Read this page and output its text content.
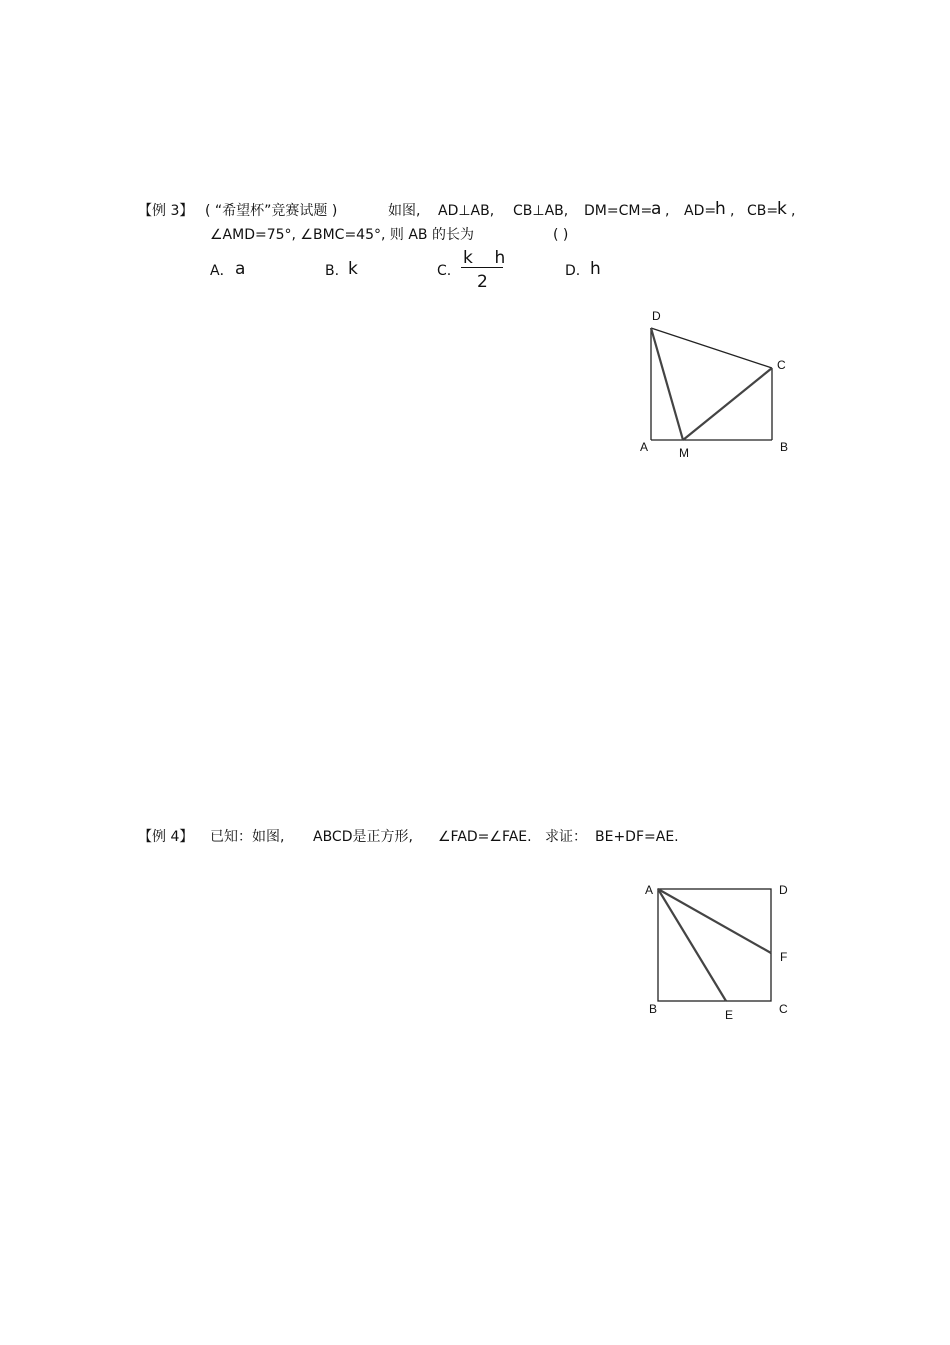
【例 3】 ( “希望杯”竞赛试题 )	如图, AD⊥AB, CB⊥AB, DM=CM=
a , AD=
h , CB=
k ,
∠AMD=75°, ∠BMC=45°, 则 AB 的长为	( )
A． a	B. k	C.
k    h
2
D. h
D
C
A	M	B
【例 4】 已知：如图, ABCD是正方形, ∠FAD=∠FAE. 求证： BE+DF=AE.
A	D
F
B	E	C
